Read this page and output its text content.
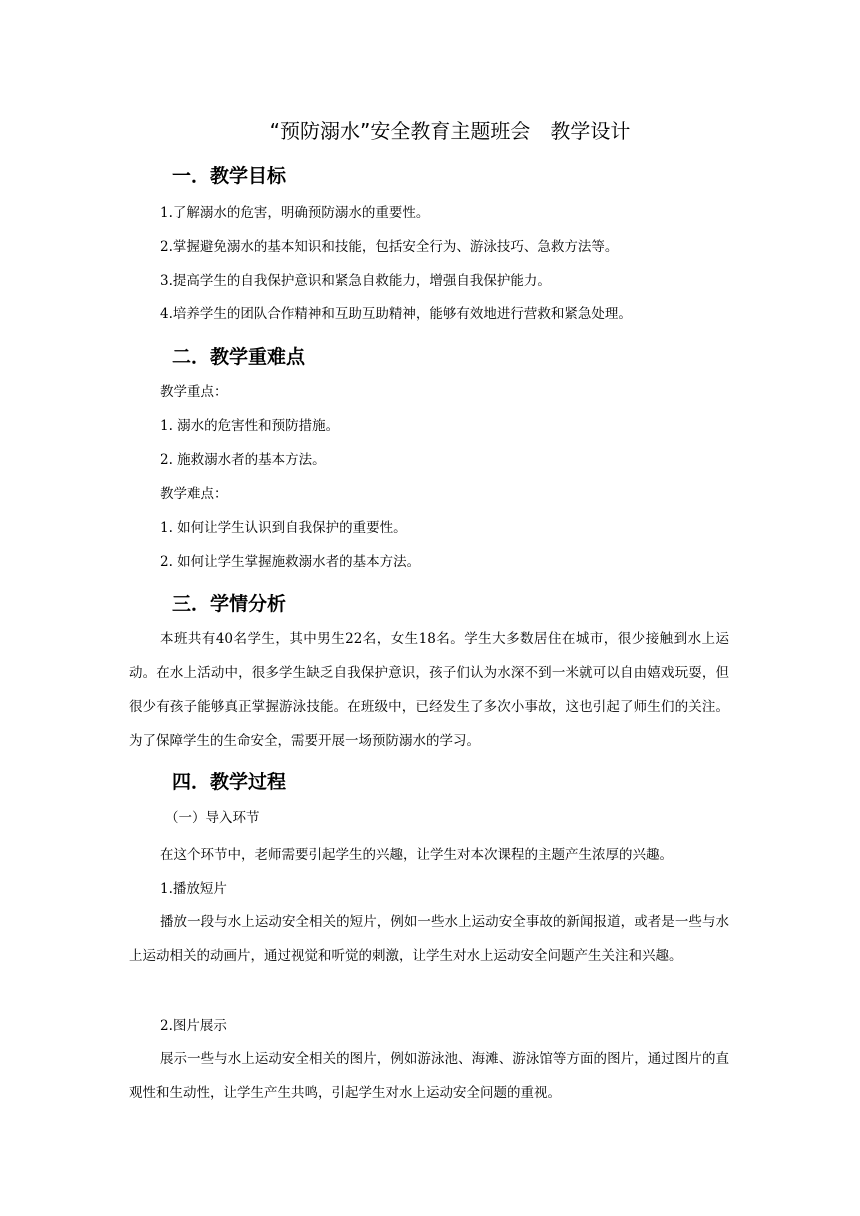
“预防溺水”安全教育主题班会　教学设计
一．教学目标
1.了解溺水的危害，明确预防溺水的重要性。
2.掌握避免溺水的基本知识和技能，包括安全行为、游泳技巧、急救方法等。
3.提高学生的自我保护意识和紧急自救能力，增强自我保护能力。
4.培养学生的团队合作精神和互助互助精神，能够有效地进行营救和紧急处理。
二．教学重难点
教学重点：
1. 溺水的危害性和预防措施。
2. 施救溺水者的基本方法。
教学难点：
1. 如何让学生认识到自我保护的重要性。
2. 如何让学生掌握施救溺水者的基本方法。
三．学情分析
本班共有40名学生，其中男生22名，女生18名。学生大多数居住在城市，很少接触到水上运动。在水上活动中，很多学生缺乏自我保护意识，孩子们认为水深不到一米就可以自由嬉戏玩耍，但很少有孩子能够真正掌握游泳技能。在班级中，已经发生了多次小事故，这也引起了师生们的关注。为了保障学生的生命安全，需要开展一场预防溺水的学习。
四．教学过程
（一）导入环节
在这个环节中，老师需要引起学生的兴趣，让学生对本次课程的主题产生浓厚的兴趣。
1.播放短片
播放一段与水上运动安全相关的短片，例如一些水上运动安全事故的新闻报道，或者是一些与水上运动相关的动画片，通过视觉和听觉的刺激，让学生对水上运动安全问题产生关注和兴趣。
2.图片展示
展示一些与水上运动安全相关的图片，例如游泳池、海滩、游泳馆等方面的图片，通过图片的直观性和生动性，让学生产生共鸣，引起学生对水上运动安全问题的重视。
